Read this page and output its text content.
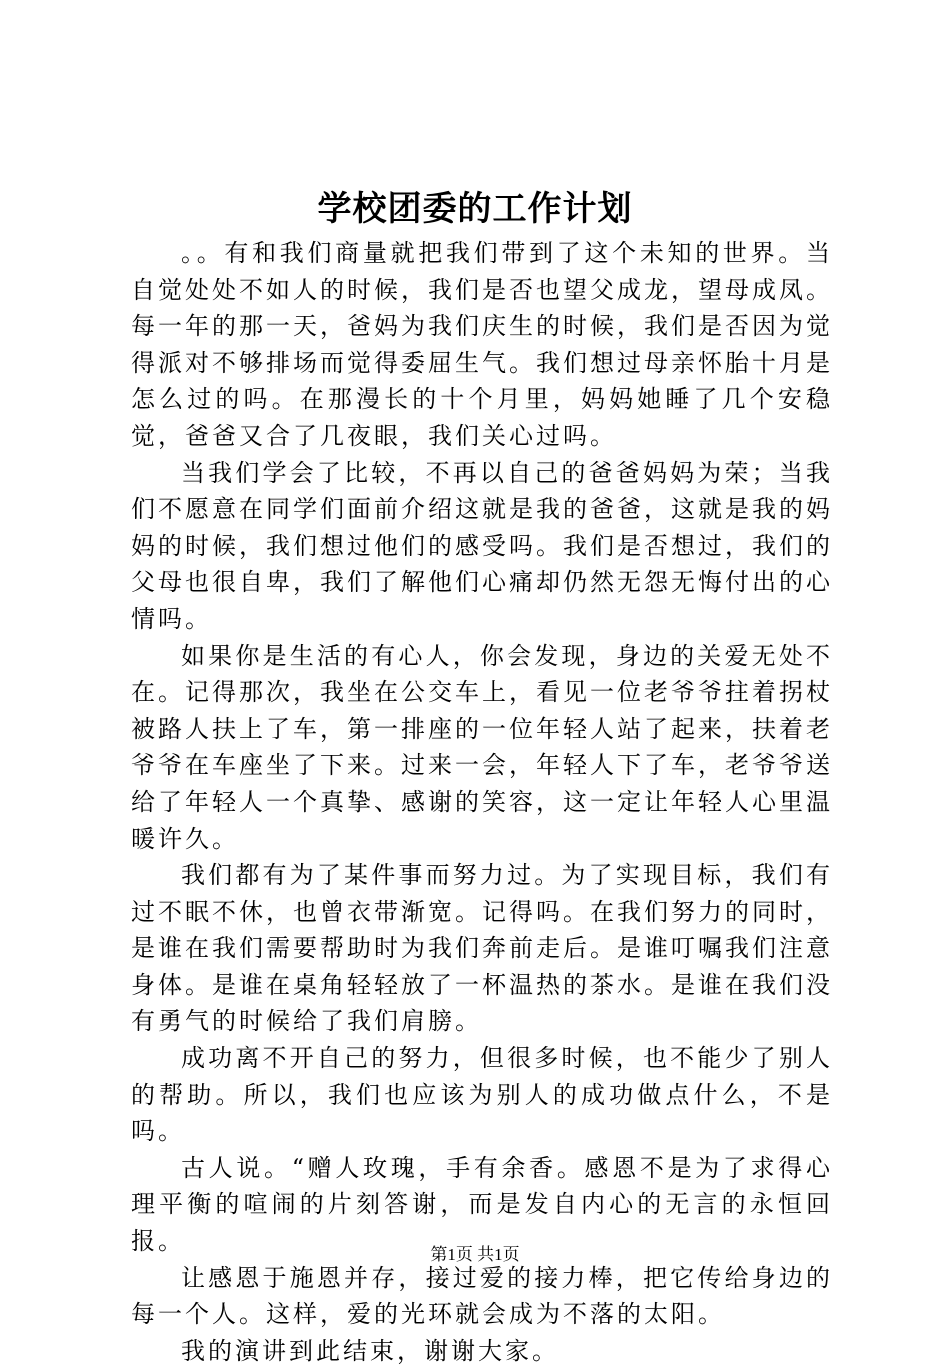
学校团委的工作计划

。。有和我们商量就把我们带到了这个未知的世界。当自觉处处不如人的时候，我们是否也望父成龙，望母成凤。每一年的那一天，爸妈为我们庆生的时候，我们是否因为觉得派对不够排场而觉得委屈生气。我们想过母亲怀胎十月是怎么过的吗。在那漫长的十个月里，妈妈她睡了几个安稳觉，爸爸又合了几夜眼，我们关心过吗。

当我们学会了比较，不再以自己的爸爸妈妈为荣；当我们不愿意在同学们面前介绍这就是我的爸爸，这就是我的妈妈的时候，我们想过他们的感受吗。我们是否想过，我们的父母也很自卑，我们了解他们心痛却仍然无怨无悔付出的心情吗。

如果你是生活的有心人，你会发现，身边的关爱无处不在。记得那次，我坐在公交车上，看见一位老爷爷拄着拐杖被路人扶上了车，第一排座的一位年轻人站了起来，扶着老爷爷在车座坐了下来。过来一会，年轻人下了车，老爷爷送给了年轻人一个真挚、感谢的笑容，这一定让年轻人心里温暖许久。

我们都有为了某件事而努力过。为了实现目标，我们有过不眠不休，也曾衣带渐宽。记得吗。在我们努力的同时，是谁在我们需要帮助时为我们奔前走后。是谁叮嘱我们注意身体。是谁在桌角轻轻放了一杯温热的茶水。是谁在我们没有勇气的时候给了我们肩膀。

成功离不开自己的努力，但很多时候，也不能少了别人的帮助。所以，我们也应该为别人的成功做点什么，不是吗。

古人说。“赠人玫瑰，手有余香。感恩不是为了求得心理平衡的喧闹的片刻答谢，而是发自内心的无言的永恒回报。

让感恩于施恩并存，接过爱的接力棒，把它传给身边的每一个人。这样，爱的光环就会成为不落的太阳。

我的演讲到此结束，谢谢大家。

第1页 共1页
